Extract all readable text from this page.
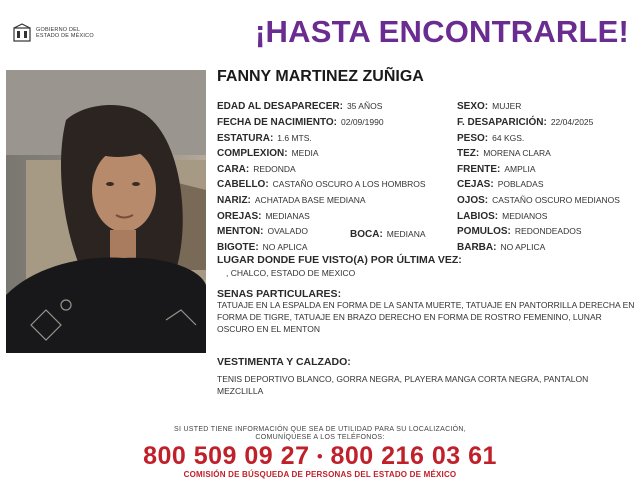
GOBIERNO DEL
ESTADO DE MÉXICO	¡HASTA ENCONTRARLE!
FANNY MARTINEZ ZUÑIGA
EDAD AL DESAPARECER: 35 AÑOS
FECHA DE NACIMIENTO: 02/09/1990
ESTATURA: 1.6 MTS.
COMPLEXION: MEDIA
CARA: REDONDA
CABELLO: CASTAÑO OSCURO A LOS HOMBROS
NARIZ: ACHATADA BASE MEDIANA
OREJAS: MEDIANAS
MENTON: OVALADO	BOCA: MEDIANA
BIGOTE: NO APLICA
SEXO: MUJER
F. DESAPARICIÓN: 22/04/2025
PESO: 64 KGS.
TEZ: MORENA CLARA
FRENTE: AMPLIA
CEJAS: POBLADAS
OJOS: CASTAÑO OSCURO MEDIANOS
LABIOS: MEDIANOS
POMULOS: REDONDEADOS
BARBA: NO APLICA
LUGAR DONDE FUE VISTO(A) POR ÚLTIMA VEZ:
, CHALCO, ESTADO DE MEXICO
SENAS PARTICULARES:
TATUAJE EN LA ESPALDA EN FORMA DE LA SANTA MUERTE, TATUAJE EN PANTORRILLA DERECHA EN FORMA DE TIGRE, TATUAJE EN BRAZO DERECHO EN FORMA DE ROSTRO FEMENINO, LUNAR OSCURO EN EL MENTON
VESTIMENTA Y CALZADO:
TENIS DEPORTIVO BLANCO, GORRA NEGRA, PLAYERA MANGA CORTA NEGRA, PANTALON MEZCLILLA
SI USTED TIENE INFORMACIÓN QUE SEA DE UTILIDAD PARA SU LOCALIZACIÓN,
COMUNÍQUESE A LOS TELÉFONOS:
800 509 09 27 • 800 216 03 61
COMISIÓN DE BÚSQUEDA DE PERSONAS DEL ESTADO DE MÉXICO
